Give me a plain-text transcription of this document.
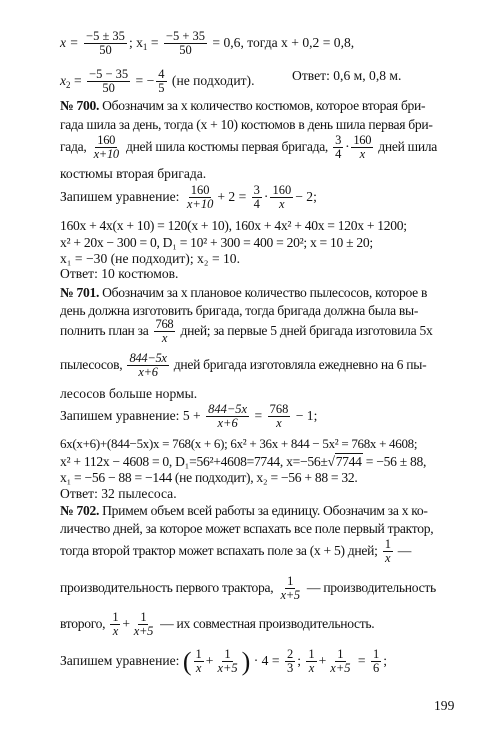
$x = \frac{-5 \pm 35}{50}$ ; $x_1 = \frac{-5 + 35}{50} = 0,6$, тогда x + 0,2 = 0,8,
$x_2 = \frac{-5 - 35}{50}$ = − $\frac{4}{5} (не$ подходит).	Ответ: 0,6 м, 0,8 м.
№ 700. Обозначим за x количество костюмов, которое вторая бри-
гада шила за день, тогда (x + 10) костюмов в день шила первая бри-
гада, $\frac{160}{x+10}$ дней шила костюмы первая бригада, $\frac{3}{4} \cdot \frac{160}{x}$ дней шила
костюмы вторая бригада.
Запишем уравнение: $\frac{160}{x+10} + 2 = \frac{3}{4} \cdot \frac{160}{x} - 2$;
160x + 4x(x + 10) = 120(x + 10), 160x + 4x² + 40x = 120x + 1200;
x² + 20x − 300 = 0, D₁ = 10² + 300 = 400 = 20²; x = 10 ± 20;
x₁ = −30 (не подходит); x₂ = 10.
Ответ: 10 костюмов.
№ 701. Обозначим за x плановое количество пылесосов, которое в
день должна изготовить бригада, тогда бригада должна была вы-
полнить план за $\frac{768}{x}$ дней; за первые 5 дней бригада изготовила 5x
пылесосов, $\frac{844-5x}{x+6}$ дней бригада изготовляла ежедневно на 6 пы-
лесосов больше нормы.
Запишем уравнение: $5 + \frac{844-5x}{x+6} = \frac{768}{x} - 1$;
6x(x+6)+(844−5x)x = 768(x + 6); 6x² + 36x + 844 − 5x² = 768x + 4608;
x² + 112x − 4608 = 0, D₁=56²+4608=7744, x=−56±√7744 = −56 ± 88,
x₁ = −56 − 88 = −144 (не подходит), x₂ = −56 + 88 = 32.
Ответ: 32 пылесоса.
№ 702. Примем объем всей работы за единицу. Обозначим за x ко-
личество дней, за которое может вспахать все поле первый трактор,
тогда второй трактор может вспахать поле за (x + 5) дней; $\frac{1}{x}$ —
производительность первого трактора, $\frac{1}{x+5}$ — производительность
второго, $\frac{1}{x} + \frac{1}{x+5}$ — их совместная производительность.
Запишем уравнение: ( $\frac{1}{x} + \frac{1}{x+5}$ ) · $4 = \frac{2}{3}$ ; $\frac{1}{x} + \frac{1}{x+5} = \frac{1}{6}$ ;
199
